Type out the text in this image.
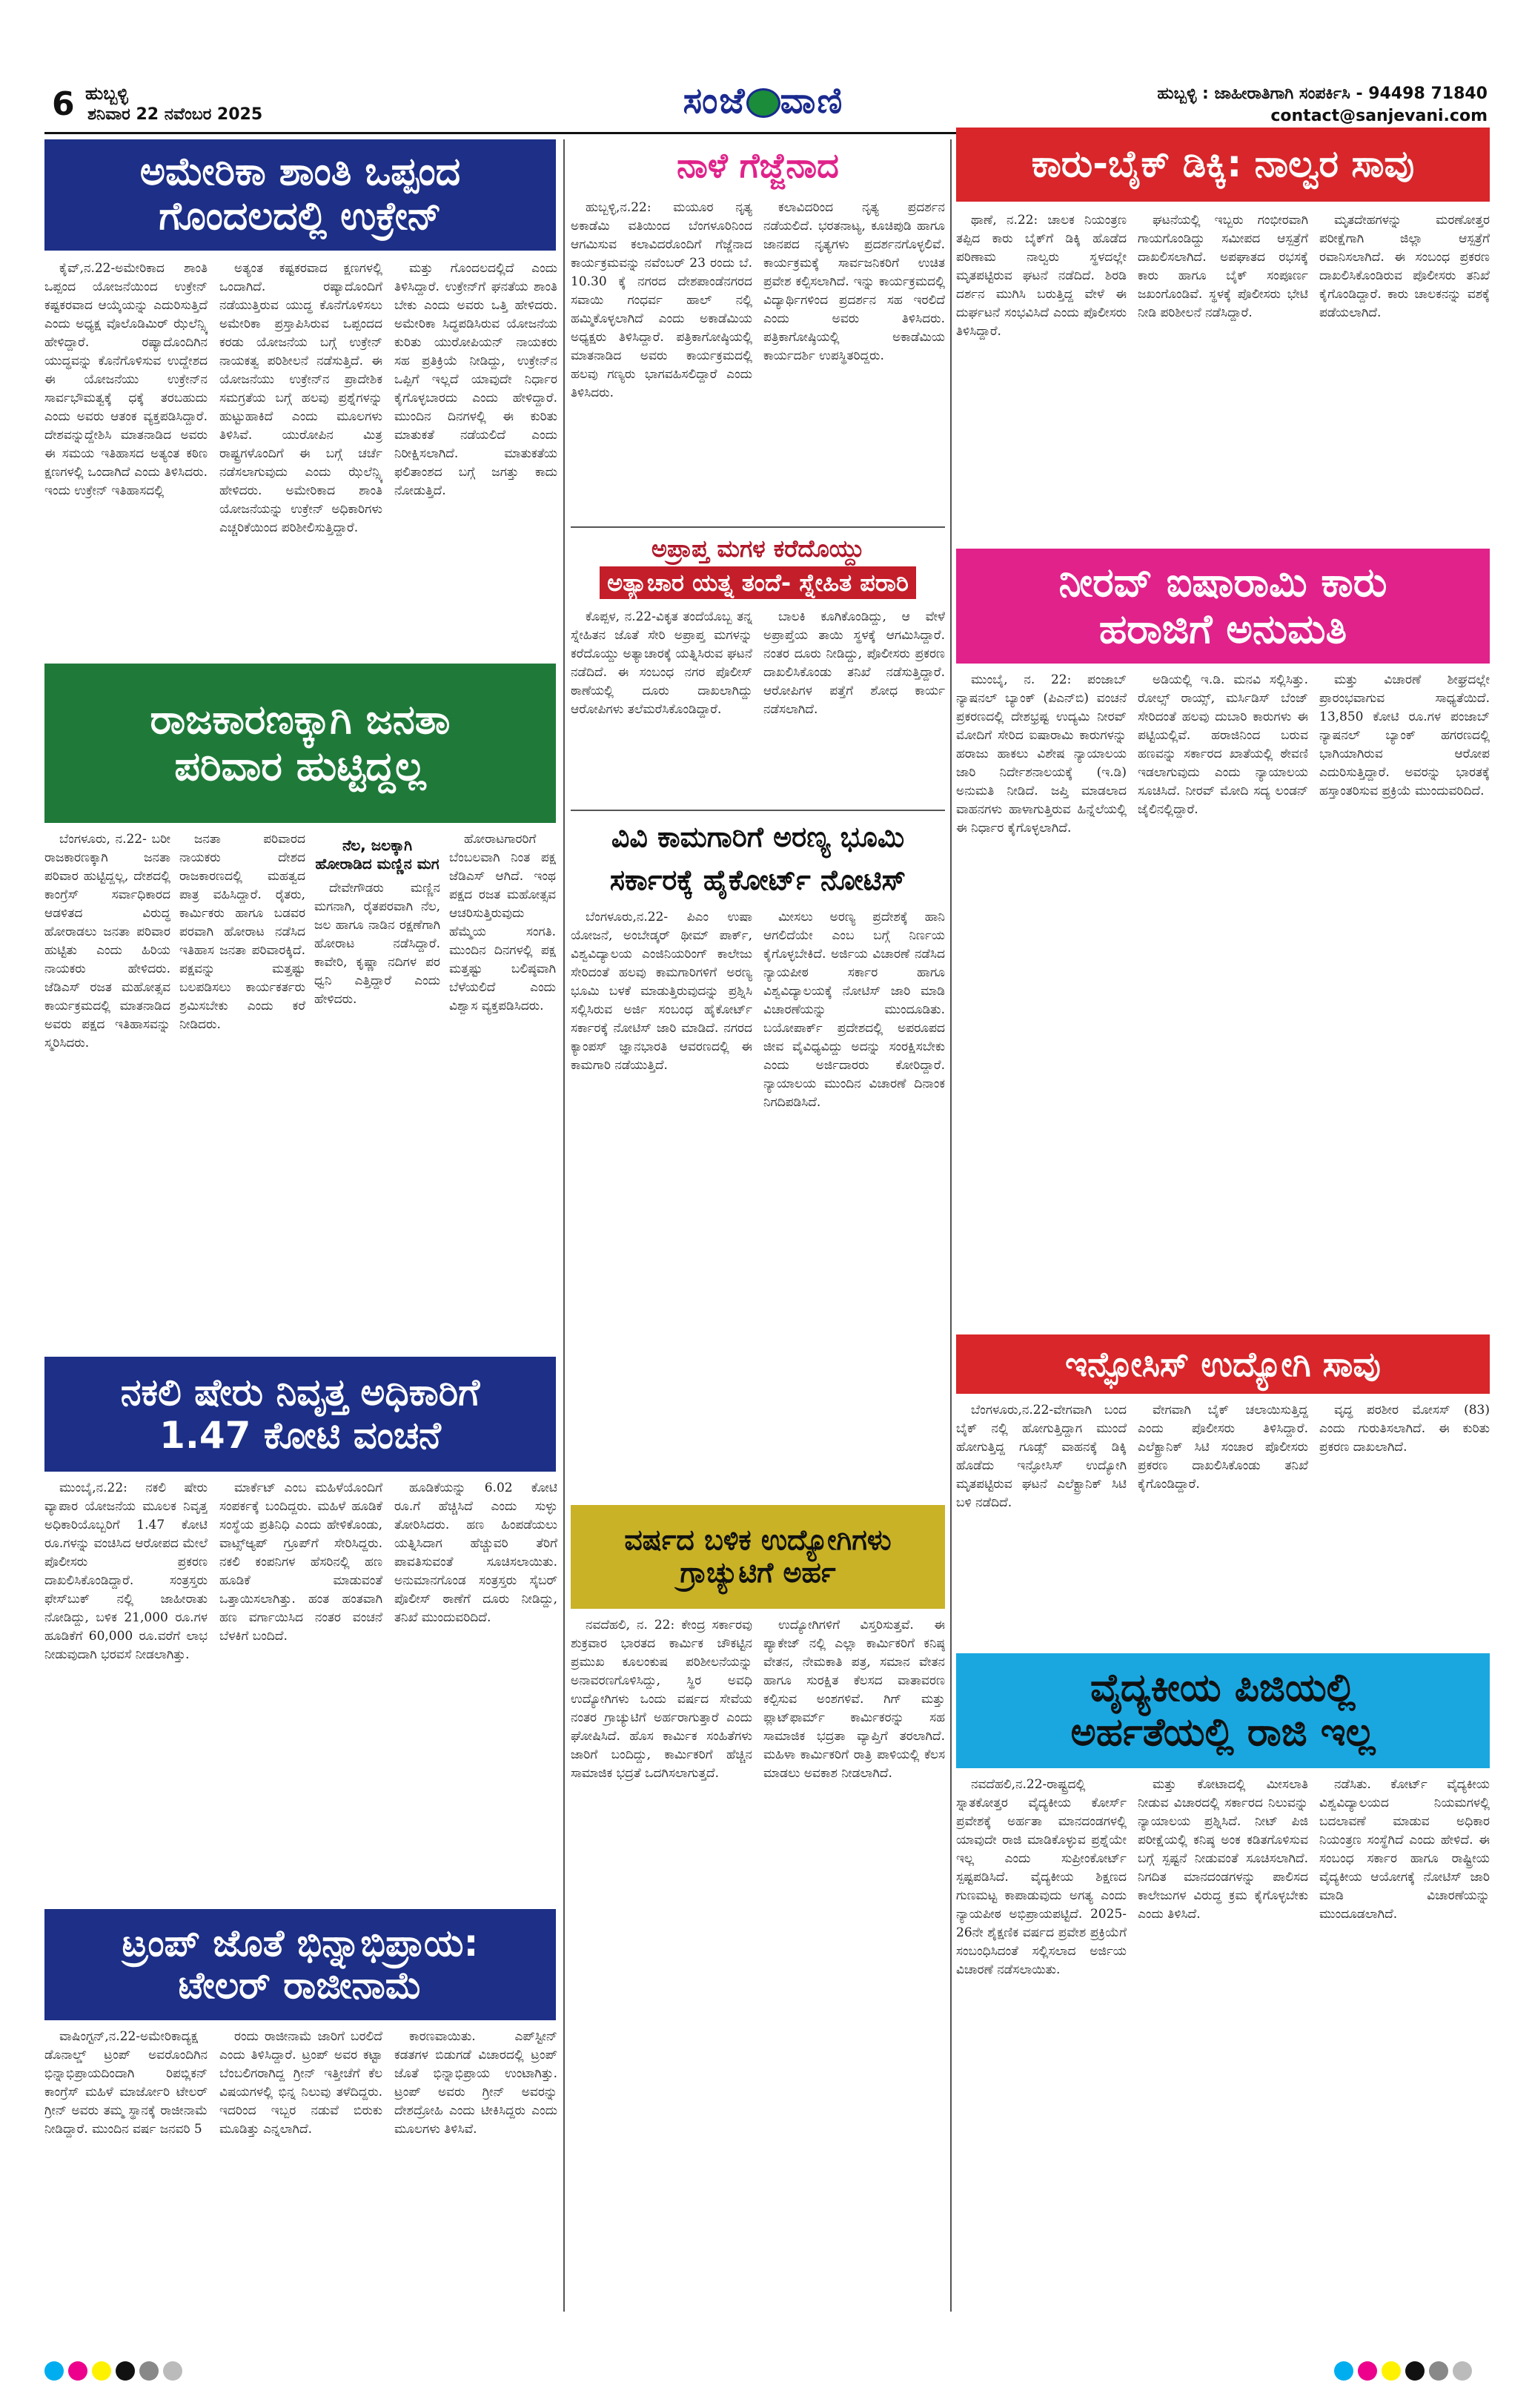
6 ಹುಬ್ಬಳ್ಳಿ
ಶನಿವಾರ 22 ನವೆಂಬರ 2025	ಸಂಜೆ ವಾಣಿ	ಹುಬ್ಬಳ್ಳಿ : ಜಾಹೀರಾತಿಗಾಗಿ ಸಂಪರ್ಕಿಸಿ - 94498 71840
contact@sanjevani.com
ಅಮೇರಿಕಾ ಶಾಂತಿ ಒಪ್ಪಂದ
ಗೊಂದಲದಲ್ಲಿ ಉಕ್ರೇನ್

ಕೈವ್,ನ.22-ಅಮೇರಿಕಾದ ಶಾಂತಿ ಒಪ್ಪಂದ ಯೋಜನೆಯಿಂದ ಉಕ್ರೇನ್ ಕಷ್ಟಕರವಾದ ಆಯ್ಕೆಯನ್ನು ಎದುರಿಸುತ್ತಿದೆ ಎಂದು ಅಧ್ಯಕ್ಷ ವೊಲೊಡಿಮಿರ್ ಝೆಲೆನ್ಸ್ಕಿ ಹೇಳಿದ್ದಾರೆ. ರಷ್ಯಾದೊಂದಿಗಿನ ಯುದ್ಧವನ್ನು ಕೊನೆಗೊಳಿಸುವ ಉದ್ದೇಶದ ಈ ಯೋಜನೆಯು ಉಕ್ರೇನ್‌ನ ಸಾರ್ವಭೌಮತ್ವಕ್ಕೆ ಧಕ್ಕೆ ತರಬಹುದು ಎಂದು ಅವರು ಆತಂಕ ವ್ಯಕ್ತಪಡಿಸಿದ್ದಾರೆ. ದೇಶವನ್ನುದ್ದೇಶಿಸಿ ಮಾತನಾಡಿದ ಅವರು ಈ ಸಮಯ ಇತಿಹಾಸದ ಅತ್ಯಂತ ಕಠಿಣ ಕ್ಷಣಗಳಲ್ಲಿ ಒಂದಾಗಿದೆ ಎಂದು ತಿಳಿಸಿದರು. ಇಂದು ಉಕ್ರೇನ್ ಇತಿಹಾಸದಲ್ಲಿ

ಅತ್ಯಂತ ಕಷ್ಟಕರವಾದ ಕ್ಷಣಗಳಲ್ಲಿ ಒಂದಾಗಿದೆ. ರಷ್ಯಾದೊಂದಿಗೆ ನಡೆಯುತ್ತಿರುವ ಯುದ್ಧ ಕೊನೆಗೊಳಿಸಲು ಅಮೇರಿಕಾ ಪ್ರಸ್ತಾಪಿಸಿರುವ ಒಪ್ಪಂದದ ಕರಡು ಯೋಜನೆಯ ಬಗ್ಗೆ ಉಕ್ರೇನ್ ನಾಯಕತ್ವ ಪರಿಶೀಲನೆ ನಡೆಸುತ್ತಿದೆ. ಈ ಯೋಜನೆಯು ಉಕ್ರೇನ್‌ನ ಪ್ರಾದೇಶಿಕ ಸಮಗ್ರತೆಯ ಬಗ್ಗೆ ಹಲವು ಪ್ರಶ್ನೆಗಳನ್ನು ಹುಟ್ಟುಹಾಕಿದೆ ಎಂದು ಮೂಲಗಳು ತಿಳಿಸಿವೆ. ಯುರೋಪಿನ ಮಿತ್ರ ರಾಷ್ಟ್ರಗಳೊಂದಿಗೆ ಈ ಬಗ್ಗೆ ಚರ್ಚೆ ನಡೆಸಲಾಗುವುದು ಎಂದು ಝೆಲೆನ್ಸ್ಕಿ ಹೇಳಿದರು. ಅಮೇರಿಕಾದ ಶಾಂತಿ ಯೋಜನೆಯನ್ನು ಉಕ್ರೇನ್ ಅಧಿಕಾರಿಗಳು ಎಚ್ಚರಿಕೆಯಿಂದ ಪರಿಶೀಲಿಸುತ್ತಿದ್ದಾರೆ.

ಮತ್ತು ಗೊಂದಲದಲ್ಲಿದೆ ಎಂದು ತಿಳಿಸಿದ್ದಾರೆ. ಉಕ್ರೇನ್‌ಗೆ ಘನತೆಯ ಶಾಂತಿ ಬೇಕು ಎಂದು ಅವರು ಒತ್ತಿ ಹೇಳಿದರು. ಅಮೇರಿಕಾ ಸಿದ್ಧಪಡಿಸಿರುವ ಯೋಜನೆಯ ಕುರಿತು ಯುರೋಪಿಯನ್ ನಾಯಕರು ಸಹ ಪ್ರತಿಕ್ರಿಯೆ ನೀಡಿದ್ದು, ಉಕ್ರೇನ್‌ನ ಒಪ್ಪಿಗೆ ಇಲ್ಲದೆ ಯಾವುದೇ ನಿರ್ಧಾರ ಕೈಗೊಳ್ಳಬಾರದು ಎಂದು ಹೇಳಿದ್ದಾರೆ. ಮುಂದಿನ ದಿನಗಳಲ್ಲಿ ಈ ಕುರಿತು ಮಾತುಕತೆ ನಡೆಯಲಿದೆ ಎಂದು ನಿರೀಕ್ಷಿಸಲಾಗಿದೆ. ಮಾತುಕತೆಯ ಫಲಿತಾಂಶದ ಬಗ್ಗೆ ಜಗತ್ತು ಕಾದು ನೋಡುತ್ತಿದೆ.

ನಾಳೆ ಗೆಜ್ಜೆನಾದ

ಹುಬ್ಬಳ್ಳಿ,ನ.22: ಮಯೂರ ನೃತ್ಯ ಅಕಾಡೆಮಿ ವತಿಯಿಂದ ಬೆಂಗಳೂರಿನಿಂದ ಆಗಮಿಸುವ ಕಲಾವಿದರೊಂದಿಗೆ ಗೆಜ್ಜೆನಾದ ಕಾರ್ಯಕ್ರಮವನ್ನು ನವೆಂಬರ್ 23 ರಂದು ಬೆ. 10.30 ಕ್ಕೆ ನಗರದ ದೇಶಪಾಂಡೆನಗರದ ಸವಾಯಿ ಗಂಧರ್ವ ಹಾಲ್ ನಲ್ಲಿ ಹಮ್ಮಿಕೊಳ್ಳಲಾಗಿದೆ ಎಂದು ಅಕಾಡೆಮಿಯ ಅಧ್ಯಕ್ಷರು ತಿಳಿಸಿದ್ದಾರೆ. ಪತ್ರಿಕಾಗೋಷ್ಠಿಯಲ್ಲಿ ಮಾತನಾಡಿದ ಅವರು ಕಾರ್ಯಕ್ರಮದಲ್ಲಿ ಹಲವು ಗಣ್ಯರು ಭಾಗವಹಿಸಲಿದ್ದಾರೆ ಎಂದು ತಿಳಿಸಿದರು.

ಕಲಾವಿದರಿಂದ ನೃತ್ಯ ಪ್ರದರ್ಶನ ನಡೆಯಲಿದೆ. ಭರತನಾಟ್ಯ, ಕೂಚಿಪುಡಿ ಹಾಗೂ ಜಾನಪದ ನೃತ್ಯಗಳು ಪ್ರದರ್ಶನಗೊಳ್ಳಲಿವೆ. ಕಾರ್ಯಕ್ರಮಕ್ಕೆ ಸಾರ್ವಜನಿಕರಿಗೆ ಉಚಿತ ಪ್ರವೇಶ ಕಲ್ಪಿಸಲಾಗಿದೆ. ಇನ್ನು ಕಾರ್ಯಕ್ರಮದಲ್ಲಿ ವಿದ್ಯಾರ್ಥಿಗಳಿಂದ ಪ್ರದರ್ಶನ ಸಹ ಇರಲಿದೆ ಎಂದು ಅವರು ತಿಳಿಸಿದರು. ಪತ್ರಿಕಾಗೋಷ್ಠಿಯಲ್ಲಿ ಅಕಾಡೆಮಿಯ ಕಾರ್ಯದರ್ಶಿ ಉಪಸ್ಥಿತರಿದ್ದರು.

ಅಪ್ರಾಪ್ತ ಮಗಳ ಕರೆದೊಯ್ದು
ಅತ್ಯಾಚಾರ ಯತ್ನ ತಂದೆ- ಸ್ನೇಹಿತ ಪರಾರಿ

ಕೊಪ್ಪಳ, ನ.22-ವಿಕೃತ ತಂದೆಯೊಬ್ಬ ತನ್ನ ಸ್ನೇಹಿತನ ಜೊತೆ ಸೇರಿ ಅಪ್ರಾಪ್ತ ಮಗಳನ್ನು ಕರೆದೊಯ್ದು ಅತ್ಯಾಚಾರಕ್ಕೆ ಯತ್ನಿಸಿರುವ ಘಟನೆ ನಡೆದಿದೆ. ಈ ಸಂಬಂಧ ನಗರ ಪೊಲೀಸ್ ಠಾಣೆಯಲ್ಲಿ ದೂರು ದಾಖಲಾಗಿದ್ದು ಆರೋಪಿಗಳು ತಲೆಮರೆಸಿಕೊಂಡಿದ್ದಾರೆ.

ಬಾಲಕಿ ಕೂಗಿಕೊಂಡಿದ್ದು, ಆ ವೇಳೆ ಅಪ್ರಾಪ್ತೆಯ ತಾಯಿ ಸ್ಥಳಕ್ಕೆ ಆಗಮಿಸಿದ್ದಾರೆ. ನಂತರ ದೂರು ನೀಡಿದ್ದು, ಪೊಲೀಸರು ಪ್ರಕರಣ ದಾಖಲಿಸಿಕೊಂಡು ತನಿಖೆ ನಡೆಸುತ್ತಿದ್ದಾರೆ. ಆರೋಪಿಗಳ ಪತ್ತೆಗೆ ಶೋಧ ಕಾರ್ಯ ನಡೆಸಲಾಗಿದೆ.

ಕಾರು-ಬೈಕ್ ಡಿಕ್ಕಿ: ನಾಲ್ವರ ಸಾವು

ಥಾಣೆ, ನ.22: ಚಾಲಕ ನಿಯಂತ್ರಣ ತಪ್ಪಿದ ಕಾರು ಬೈಕ್‌ಗೆ ಡಿಕ್ಕಿ ಹೊಡೆದ ಪರಿಣಾಮ ನಾಲ್ವರು ಸ್ಥಳದಲ್ಲೇ ಮೃತಪಟ್ಟಿರುವ ಘಟನೆ ನಡೆದಿದೆ. ಶಿರಡಿ ದರ್ಶನ ಮುಗಿಸಿ ಬರುತ್ತಿದ್ದ ವೇಳೆ ಈ ದುರ್ಘಟನೆ ಸಂಭವಿಸಿದೆ ಎಂದು ಪೊಲೀಸರು ತಿಳಿಸಿದ್ದಾರೆ.

ಘಟನೆಯಲ್ಲಿ ಇಬ್ಬರು ಗಂಭೀರವಾಗಿ ಗಾಯಗೊಂಡಿದ್ದು ಸಮೀಪದ ಆಸ್ಪತ್ರೆಗೆ ದಾಖಲಿಸಲಾಗಿದೆ. ಅಪಘಾತದ ರಭಸಕ್ಕೆ ಕಾರು ಹಾಗೂ ಬೈಕ್ ಸಂಪೂರ್ಣ ಜಖಂಗೊಂಡಿವೆ. ಸ್ಥಳಕ್ಕೆ ಪೊಲೀಸರು ಭೇಟಿ ನೀಡಿ ಪರಿಶೀಲನೆ ನಡೆಸಿದ್ದಾರೆ.

ಮೃತದೇಹಗಳನ್ನು ಮರಣೋತ್ತರ ಪರೀಕ್ಷೆಗಾಗಿ ಜಿಲ್ಲಾ ಆಸ್ಪತ್ರೆಗೆ ರವಾನಿಸಲಾಗಿದೆ. ಈ ಸಂಬಂಧ ಪ್ರಕರಣ ದಾಖಲಿಸಿಕೊಂಡಿರುವ ಪೊಲೀಸರು ತನಿಖೆ ಕೈಗೊಂಡಿದ್ದಾರೆ. ಕಾರು ಚಾಲಕನನ್ನು ವಶಕ್ಕೆ ಪಡೆಯಲಾಗಿದೆ.

ನೀರವ್ ಐಷಾರಾಮಿ ಕಾರು
ಹರಾಜಿಗೆ ಅನುಮತಿ

ಮುಂಬೈ, ನ. 22: ಪಂಜಾಬ್ ನ್ಯಾಷನಲ್ ಬ್ಯಾಂಕ್ (ಪಿಎನ್‌ಬಿ) ವಂಚನೆ ಪ್ರಕರಣದಲ್ಲಿ ದೇಶಭ್ರಷ್ಟ ಉದ್ಯಮಿ ನೀರವ್ ಮೋದಿಗೆ ಸೇರಿದ ಐಷಾರಾಮಿ ಕಾರುಗಳನ್ನು ಹರಾಜು ಹಾಕಲು ವಿಶೇಷ ನ್ಯಾಯಾಲಯ ಜಾರಿ ನಿರ್ದೇಶನಾಲಯಕ್ಕೆ (ಇ.ಡಿ) ಅನುಮತಿ ನೀಡಿದೆ. ಜಪ್ತಿ ಮಾಡಲಾದ ವಾಹನಗಳು ಹಾಳಾಗುತ್ತಿರುವ ಹಿನ್ನೆಲೆಯಲ್ಲಿ ಈ ನಿರ್ಧಾರ ಕೈಗೊಳ್ಳಲಾಗಿದೆ.

ಅಡಿಯಲ್ಲಿ ಇ.ಡಿ. ಮನವಿ ಸಲ್ಲಿಸಿತ್ತು. ರೋಲ್ಸ್ ರಾಯ್ಸ್, ಮರ್ಸಿಡಿಸ್ ಬೆಂಜ್ ಸೇರಿದಂತೆ ಹಲವು ದುಬಾರಿ ಕಾರುಗಳು ಈ ಪಟ್ಟಿಯಲ್ಲಿವೆ. ಹರಾಜಿನಿಂದ ಬರುವ ಹಣವನ್ನು ಸರ್ಕಾರದ ಖಾತೆಯಲ್ಲಿ ಠೇವಣಿ ಇಡಲಾಗುವುದು ಎಂದು ನ್ಯಾಯಾಲಯ ಸೂಚಿಸಿದೆ. ನೀರವ್ ಮೋದಿ ಸದ್ಯ ಲಂಡನ್ ಜೈಲಿನಲ್ಲಿದ್ದಾರೆ.

ಮತ್ತು ವಿಚಾರಣೆ ಶೀಘ್ರದಲ್ಲೇ ಪ್ರಾರಂಭವಾಗುವ ಸಾಧ್ಯತೆಯಿದೆ. 13,850 ಕೋಟಿ ರೂ.ಗಳ ಪಂಜಾಬ್ ನ್ಯಾಷನಲ್ ಬ್ಯಾಂಕ್ ಹಗರಣದಲ್ಲಿ ಭಾಗಿಯಾಗಿರುವ ಆರೋಪ ಎದುರಿಸುತ್ತಿದ್ದಾರೆ. ಅವರನ್ನು ಭಾರತಕ್ಕೆ ಹಸ್ತಾಂತರಿಸುವ ಪ್ರಕ್ರಿಯೆ ಮುಂದುವರಿದಿದೆ.

ರಾಜಕಾರಣಕ್ಕಾಗಿ ಜನತಾ
ಪರಿವಾರ ಹುಟ್ಟಿದ್ದಲ್ಲ

ಬೆಂಗಳೂರು, ನ.22- ಬರೀ ರಾಜಕಾರಣಕ್ಕಾಗಿ ಜನತಾ ಪರಿವಾರ ಹುಟ್ಟಿದ್ದಲ್ಲ, ದೇಶದಲ್ಲಿ ಕಾಂಗ್ರೆಸ್ ಸರ್ವಾಧಿಕಾರದ ಆಡಳಿತದ ವಿರುದ್ಧ ಹೋರಾಡಲು ಜನತಾ ಪರಿವಾರ ಹುಟ್ಟಿತು ಎಂದು ಹಿರಿಯ ನಾಯಕರು ಹೇಳಿದರು. ಜೆಡಿಎಸ್ ರಜತ ಮಹೋತ್ಸವ ಕಾರ್ಯಕ್ರಮದಲ್ಲಿ ಮಾತನಾಡಿದ ಅವರು ಪಕ್ಷದ ಇತಿಹಾಸವನ್ನು ಸ್ಮರಿಸಿದರು.

ಜನತಾ ಪರಿವಾರದ ನಾಯಕರು ದೇಶದ ರಾಜಕಾರಣದಲ್ಲಿ ಮಹತ್ವದ ಪಾತ್ರ ವಹಿಸಿದ್ದಾರೆ. ರೈತರು, ಕಾರ್ಮಿಕರು ಹಾಗೂ ಬಡವರ ಪರವಾಗಿ ಹೋರಾಟ ನಡೆಸಿದ ಇತಿಹಾಸ ಜನತಾ ಪರಿವಾರಕ್ಕಿದೆ. ಪಕ್ಷವನ್ನು ಮತ್ತಷ್ಟು ಬಲಪಡಿಸಲು ಕಾರ್ಯಕರ್ತರು ಶ್ರಮಿಸಬೇಕು ಎಂದು ಕರೆ ನೀಡಿದರು.

ನೆಲ, ಜಲಕ್ಕಾಗಿ ಹೋರಾಡಿದ ಮಣ್ಣಿನ ಮಗ

ದೇವೇಗೌಡರು ಮಣ್ಣಿನ ಮಗನಾಗಿ, ರೈತಪರವಾಗಿ ನೆಲ, ಜಲ ಹಾಗೂ ನಾಡಿನ ರಕ್ಷಣೆಗಾಗಿ ಹೋರಾಟ ನಡೆಸಿದ್ದಾರೆ. ಕಾವೇರಿ, ಕೃಷ್ಣಾ ನದಿಗಳ ಪರ ಧ್ವನಿ ಎತ್ತಿದ್ದಾರೆ ಎಂದು ಹೇಳಿದರು.

ಹೋರಾಟಗಾರರಿಗೆ ಬೆಂಬಲವಾಗಿ ನಿಂತ ಪಕ್ಷ ಜೆಡಿಎಸ್ ಆಗಿದೆ. ಇಂಥ ಪಕ್ಷದ ರಜತ ಮಹೋತ್ಸವ ಆಚರಿಸುತ್ತಿರುವುದು ಹೆಮ್ಮೆಯ ಸಂಗತಿ. ಮುಂದಿನ ದಿನಗಳಲ್ಲಿ ಪಕ್ಷ ಮತ್ತಷ್ಟು ಬಲಿಷ್ಠವಾಗಿ ಬೆಳೆಯಲಿದೆ ಎಂದು ವಿಶ್ವಾಸ ವ್ಯಕ್ತಪಡಿಸಿದರು.

ವಿವಿ ಕಾಮಗಾರಿಗೆ ಅರಣ್ಯ ಭೂಮಿ
ಸರ್ಕಾರಕ್ಕೆ ಹೈಕೋರ್ಟ್ ನೋಟಿಸ್

ಬೆಂಗಳೂರು,ನ.22- ಪಿಎಂ ಉಷಾ ಯೋಜನೆ, ಅಂಬೇಡ್ಕರ್ ಥೀಮ್ ಪಾರ್ಕ್, ವಿಶ್ವವಿದ್ಯಾಲಯ ಎಂಜಿನಿಯರಿಂಗ್ ಕಾಲೇಜು ಸೇರಿದಂತೆ ಹಲವು ಕಾಮಗಾರಿಗಳಿಗೆ ಅರಣ್ಯ ಭೂಮಿ ಬಳಕೆ ಮಾಡುತ್ತಿರುವುದನ್ನು ಪ್ರಶ್ನಿಸಿ ಸಲ್ಲಿಸಿರುವ ಅರ್ಜಿ ಸಂಬಂಧ ಹೈಕೋರ್ಟ್ ಸರ್ಕಾರಕ್ಕೆ ನೋಟಿಸ್ ಜಾರಿ ಮಾಡಿದೆ. ನಗರದ ಕ್ಯಾಂಪಸ್ ಜ್ಞಾನಭಾರತಿ ಆವರಣದಲ್ಲಿ ಈ ಕಾಮಗಾರಿ ನಡೆಯುತ್ತಿದೆ.

ಮೀಸಲು ಅರಣ್ಯ ಪ್ರದೇಶಕ್ಕೆ ಹಾನಿ ಆಗಲಿದೆಯೇ ಎಂಬ ಬಗ್ಗೆ ನಿರ್ಣಯ ಕೈಗೊಳ್ಳಬೇಕಿದೆ. ಅರ್ಜಿಯ ವಿಚಾರಣೆ ನಡೆಸಿದ ನ್ಯಾಯಪೀಠ ಸರ್ಕಾರ ಹಾಗೂ ವಿಶ್ವವಿದ್ಯಾಲಯಕ್ಕೆ ನೋಟಿಸ್ ಜಾರಿ ಮಾಡಿ ವಿಚಾರಣೆಯನ್ನು ಮುಂದೂಡಿತು. ಬಯೋಪಾರ್ಕ್ ಪ್ರದೇಶದಲ್ಲಿ ಅಪರೂಪದ ಜೀವ ವೈವಿಧ್ಯವಿದ್ದು ಅದನ್ನು ಸಂರಕ್ಷಿಸಬೇಕು ಎಂದು ಅರ್ಜಿದಾರರು ಕೋರಿದ್ದಾರೆ. ನ್ಯಾಯಾಲಯ ಮುಂದಿನ ವಿಚಾರಣೆ ದಿನಾಂಕ ನಿಗದಿಪಡಿಸಿದೆ.

ಇನ್ಫೋಸಿಸ್ ಉದ್ಯೋಗಿ ಸಾವು

ಬೆಂಗಳೂರು,ನ.22-ವೇಗವಾಗಿ ಬಂದ ಬೈಕ್ ನಲ್ಲಿ ಹೋಗುತ್ತಿದ್ದಾಗ ಮುಂದೆ ಹೋಗುತ್ತಿದ್ದ ಗೂಡ್ಸ್ ವಾಹನಕ್ಕೆ ಡಿಕ್ಕಿ ಹೊಡೆದು ಇನ್ಫೋಸಿಸ್ ಉದ್ಯೋಗಿ ಮೃತಪಟ್ಟಿರುವ ಘಟನೆ ಎಲೆಕ್ಟ್ರಾನಿಕ್ ಸಿಟಿ ಬಳಿ ನಡೆದಿದೆ.

ವೇಗವಾಗಿ ಬೈಕ್ ಚಲಾಯಿಸುತ್ತಿದ್ದ ಎಂದು ಪೊಲೀಸರು ತಿಳಿಸಿದ್ದಾರೆ. ಎಲೆಕ್ಟ್ರಾನಿಕ್ ಸಿಟಿ ಸಂಚಾರ ಪೊಲೀಸರು ಪ್ರಕರಣ ದಾಖಲಿಸಿಕೊಂಡು ತನಿಖೆ ಕೈಗೊಂಡಿದ್ದಾರೆ.

ವೃದ್ಧ ಪರಶೀರ ಮೋಸಸ್ (83) ಎಂದು ಗುರುತಿಸಲಾಗಿದೆ. ಈ ಕುರಿತು ಪ್ರಕರಣ ದಾಖಲಾಗಿದೆ.

ನಕಲಿ ಷೇರು ನಿವೃತ್ತ ಅಧಿಕಾರಿಗೆ
1.47 ಕೋಟಿ ವಂಚನೆ

ಮುಂಬೈ,ನ.22: ನಕಲಿ ಷೇರು ವ್ಯಾಪಾರ ಯೋಜನೆಯ ಮೂಲಕ ನಿವೃತ್ತ ಅಧಿಕಾರಿಯೊಬ್ಬರಿಗೆ 1.47 ಕೋಟಿ ರೂ.ಗಳನ್ನು ವಂಚಿಸಿದ ಆರೋಪದ ಮೇಲೆ ಪೊಲೀಸರು ಪ್ರಕರಣ ದಾಖಲಿಸಿಕೊಂಡಿದ್ದಾರೆ. ಸಂತ್ರಸ್ತರು ಫೇಸ್‌ಬುಕ್ ನಲ್ಲಿ ಜಾಹೀರಾತು ನೋಡಿದ್ದು, ಬಳಿಕ 21,000 ರೂ.ಗಳ ಹೂಡಿಕೆಗೆ 60,000 ರೂ.ವರೆಗೆ ಲಾಭ ನೀಡುವುದಾಗಿ ಭರವಸೆ ನೀಡಲಾಗಿತ್ತು.

ಮಾರ್ಕೆಟ್ ಎಂಬ ಮಹಿಳೆಯೊಂದಿಗೆ ಸಂಪರ್ಕಕ್ಕೆ ಬಂದಿದ್ದರು. ಮಹಿಳೆ ಹೂಡಿಕೆ ಸಂಸ್ಥೆಯ ಪ್ರತಿನಿಧಿ ಎಂದು ಹೇಳಿಕೊಂಡು, ವಾಟ್ಸ್‌ಆ್ಯಪ್ ಗ್ರೂಪ್‌ಗೆ ಸೇರಿಸಿದ್ದರು. ನಕಲಿ ಕಂಪನಿಗಳ ಹೆಸರಿನಲ್ಲಿ ಹಣ ಹೂಡಿಕೆ ಮಾಡುವಂತೆ ಒತ್ತಾಯಿಸಲಾಗಿತ್ತು. ಹಂತ ಹಂತವಾಗಿ ಹಣ ವರ್ಗಾಯಿಸಿದ ನಂತರ ವಂಚನೆ ಬೆಳಕಿಗೆ ಬಂದಿದೆ.

ಹೂಡಿಕೆಯನ್ನು 6.02 ಕೋಟಿ ರೂ.ಗೆ ಹೆಚ್ಚಿಸಿದೆ ಎಂದು ಸುಳ್ಳು ತೋರಿಸಿದರು. ಹಣ ಹಿಂಪಡೆಯಲು ಯತ್ನಿಸಿದಾಗ ಹೆಚ್ಚುವರಿ ತೆರಿಗೆ ಪಾವತಿಸುವಂತೆ ಸೂಚಿಸಲಾಯಿತು. ಅನುಮಾನಗೊಂಡ ಸಂತ್ರಸ್ತರು ಸೈಬರ್ ಪೊಲೀಸ್ ಠಾಣೆಗೆ ದೂರು ನೀಡಿದ್ದು, ತನಿಖೆ ಮುಂದುವರಿದಿದೆ.

ವರ್ಷದ ಬಳಿಕ ಉದ್ಯೋಗಿಗಳು
ಗ್ರಾಚ್ಯುಟಿಗೆ ಅರ್ಹ

ನವದೆಹಲಿ, ನ. 22: ಕೇಂದ್ರ ಸರ್ಕಾರವು ಶುಕ್ರವಾರ ಭಾರತದ ಕಾರ್ಮಿಕ ಚೌಕಟ್ಟಿನ ಪ್ರಮುಖ ಕೂಲಂಕುಷ ಪರಿಶೀಲನೆಯನ್ನು ಅನಾವರಣಗೊಳಿಸಿದ್ದು, ಸ್ಥಿರ ಅವಧಿ ಉದ್ಯೋಗಿಗಳು ಒಂದು ವರ್ಷದ ಸೇವೆಯ ನಂತರ ಗ್ರಾಚ್ಯುಟಿಗೆ ಅರ್ಹರಾಗುತ್ತಾರೆ ಎಂದು ಘೋಷಿಸಿದೆ. ಹೊಸ ಕಾರ್ಮಿಕ ಸಂಹಿತೆಗಳು ಜಾರಿಗೆ ಬಂದಿದ್ದು, ಕಾರ್ಮಿಕರಿಗೆ ಹೆಚ್ಚಿನ ಸಾಮಾಜಿಕ ಭದ್ರತೆ ಒದಗಿಸಲಾಗುತ್ತದೆ.

ಉದ್ಯೋಗಿಗಳಿಗೆ ವಿಸ್ತರಿಸುತ್ತವೆ. ಈ ಪ್ಯಾಕೇಜ್ ನಲ್ಲಿ ಎಲ್ಲಾ ಕಾರ್ಮಿಕರಿಗೆ ಕನಿಷ್ಠ ವೇತನ, ನೇಮಕಾತಿ ಪತ್ರ, ಸಮಾನ ವೇತನ ಹಾಗೂ ಸುರಕ್ಷಿತ ಕೆಲಸದ ವಾತಾವರಣ ಕಲ್ಪಿಸುವ ಅಂಶಗಳಿವೆ. ಗಿಗ್ ಮತ್ತು ಪ್ಲಾಟ್‌ಫಾರ್ಮ್ ಕಾರ್ಮಿಕರನ್ನು ಸಹ ಸಾಮಾಜಿಕ ಭದ್ರತಾ ವ್ಯಾಪ್ತಿಗೆ ತರಲಾಗಿದೆ. ಮಹಿಳಾ ಕಾರ್ಮಿಕರಿಗೆ ರಾತ್ರಿ ಪಾಳಿಯಲ್ಲಿ ಕೆಲಸ ಮಾಡಲು ಅವಕಾಶ ನೀಡಲಾಗಿದೆ.

ವೈದ್ಯಕೀಯ ಪಿಜಿಯಲ್ಲಿ
ಅರ್ಹತೆಯಲ್ಲಿ ರಾಜಿ ಇಲ್ಲ

ನವದೆಹಲಿ,ನ.22-ರಾಷ್ಟ್ರದಲ್ಲಿ ಸ್ನಾತಕೋತ್ತರ ವೈದ್ಯಕೀಯ ಕೋರ್ಸ್ ಪ್ರವೇಶಕ್ಕೆ ಅರ್ಹತಾ ಮಾನದಂಡಗಳಲ್ಲಿ ಯಾವುದೇ ರಾಜಿ ಮಾಡಿಕೊಳ್ಳುವ ಪ್ರಶ್ನೆಯೇ ಇಲ್ಲ ಎಂದು ಸುಪ್ರೀಂಕೋರ್ಟ್ ಸ್ಪಷ್ಟಪಡಿಸಿದೆ. ವೈದ್ಯಕೀಯ ಶಿಕ್ಷಣದ ಗುಣಮಟ್ಟ ಕಾಪಾಡುವುದು ಅಗತ್ಯ ಎಂದು ನ್ಯಾಯಪೀಠ ಅಭಿಪ್ರಾಯಪಟ್ಟಿದೆ. 2025-26ನೇ ಶೈಕ್ಷಣಿಕ ವರ್ಷದ ಪ್ರವೇಶ ಪ್ರಕ್ರಿಯೆಗೆ ಸಂಬಂಧಿಸಿದಂತೆ ಸಲ್ಲಿಸಲಾದ ಅರ್ಜಿಯ ವಿಚಾರಣೆ ನಡೆಸಲಾಯಿತು.

ಮತ್ತು ಕೋಟಾದಲ್ಲಿ ಮೀಸಲಾತಿ ನೀಡುವ ವಿಚಾರದಲ್ಲಿ ಸರ್ಕಾರದ ನಿಲುವನ್ನು ನ್ಯಾಯಾಲಯ ಪ್ರಶ್ನಿಸಿದೆ. ನೀಟ್ ಪಿಜಿ ಪರೀಕ್ಷೆಯಲ್ಲಿ ಕನಿಷ್ಠ ಅಂಕ ಕಡಿತಗೊಳಿಸುವ ಬಗ್ಗೆ ಸ್ಪಷ್ಟನೆ ನೀಡುವಂತೆ ಸೂಚಿಸಲಾಗಿದೆ. ನಿಗದಿತ ಮಾನದಂಡಗಳನ್ನು ಪಾಲಿಸದ ಕಾಲೇಜುಗಳ ವಿರುದ್ಧ ಕ್ರಮ ಕೈಗೊಳ್ಳಬೇಕು ಎಂದು ತಿಳಿಸಿದೆ.

ನಡೆಸಿತು. ಕೋರ್ಟ್ ವೈದ್ಯಕೀಯ ವಿಶ್ವವಿದ್ಯಾಲಯದ ನಿಯಮಗಳಲ್ಲಿ ಬದಲಾವಣೆ ಮಾಡುವ ಅಧಿಕಾರ ನಿಯಂತ್ರಣ ಸಂಸ್ಥೆಗಿದೆ ಎಂದು ಹೇಳಿದೆ. ಈ ಸಂಬಂಧ ಸರ್ಕಾರ ಹಾಗೂ ರಾಷ್ಟ್ರೀಯ ವೈದ್ಯಕೀಯ ಆಯೋಗಕ್ಕೆ ನೋಟಿಸ್ ಜಾರಿ ಮಾಡಿ ವಿಚಾರಣೆಯನ್ನು ಮುಂದೂಡಲಾಗಿದೆ.

ಟ್ರಂಪ್ ಜೊತೆ ಭಿನ್ನಾಭಿಪ್ರಾಯ:
ಟೇಲರ್ ರಾಜೀನಾಮೆ

ವಾಷಿಂಗ್ಟನ್,ನ.22-ಅಮೇರಿಕಾದ್ಯಕ್ಷ ಡೊನಾಲ್ಡ್ ಟ್ರಂಪ್ ಅವರೊಂದಿಗಿನ ಭಿನ್ನಾಭಿಪ್ರಾಯದಿಂದಾಗಿ ರಿಪಬ್ಲಿಕನ್ ಕಾಂಗ್ರೆಸ್ ಮಹಿಳೆ ಮಾರ್ಜೋರಿ ಟೇಲರ್ ಗ್ರೀನ್ ಅವರು ತಮ್ಮ ಸ್ಥಾನಕ್ಕೆ ರಾಜೀನಾಮೆ ನೀಡಿದ್ದಾರೆ. ಮುಂದಿನ ವರ್ಷ ಜನವರಿ 5

ರಂದು ರಾಜೀನಾಮೆ ಜಾರಿಗೆ ಬರಲಿದೆ ಎಂದು ತಿಳಿಸಿದ್ದಾರೆ. ಟ್ರಂಪ್ ಅವರ ಕಟ್ಟಾ ಬೆಂಬಲಿಗರಾಗಿದ್ದ ಗ್ರೀನ್ ಇತ್ತೀಚೆಗೆ ಕೆಲ ವಿಷಯಗಳಲ್ಲಿ ಭಿನ್ನ ನಿಲುವು ತಳೆದಿದ್ದರು. ಇದರಿಂದ ಇಬ್ಬರ ನಡುವೆ ಬಿರುಕು ಮೂಡಿತ್ತು ಎನ್ನಲಾಗಿದೆ.

ಕಾರಣವಾಯಿತು. ಎಪ್‌ಸ್ಟೀನ್ ಕಡತಗಳ ಬಿಡುಗಡೆ ವಿಚಾರದಲ್ಲಿ ಟ್ರಂಪ್ ಜೊತೆ ಭಿನ್ನಾಭಿಪ್ರಾಯ ಉಂಟಾಗಿತ್ತು. ಟ್ರಂಪ್ ಅವರು ಗ್ರೀನ್ ಅವರನ್ನು ದೇಶದ್ರೋಹಿ ಎಂದು ಟೀಕಿಸಿದ್ದರು ಎಂದು ಮೂಲಗಳು ತಿಳಿಸಿವೆ.
